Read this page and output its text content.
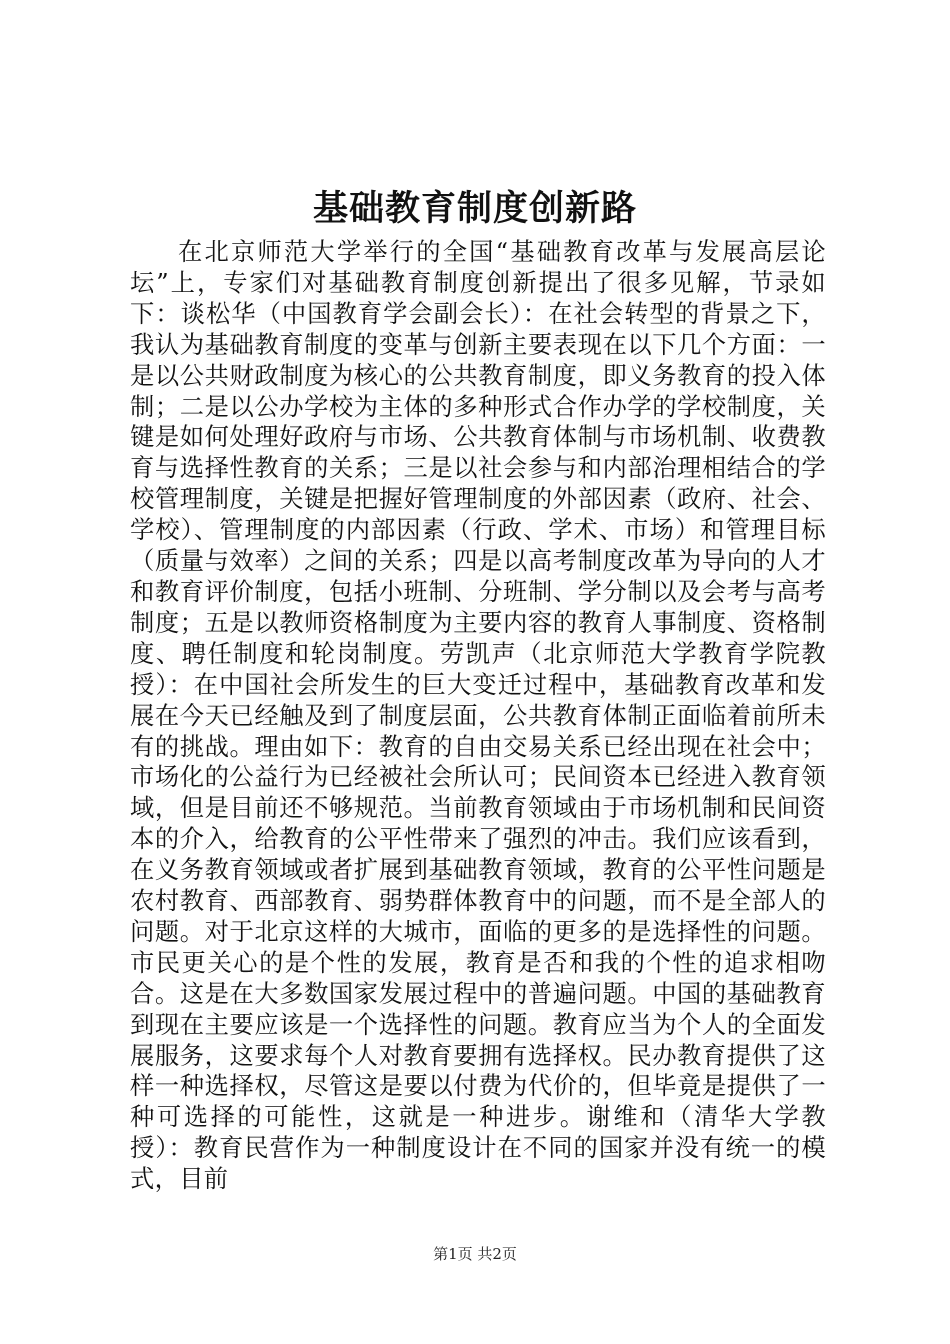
基础教育制度创新路

在北京师范大学举行的全国“基础教育改革与发展高层论坛”上，专家们对基础教育制度创新提出了很多见解，节录如下：谈松华（中国教育学会副会长）：在社会转型的背景之下，我认为基础教育制度的变革与创新主要表现在以下几个方面：一是以公共财政制度为核心的公共教育制度，即义务教育的投入体制；二是以公办学校为主体的多种形式合作办学的学校制度，关键是如何处理好政府与市场、公共教育体制与市场机制、收费教育与选择性教育的关系；三是以社会参与和内部治理相结合的学校管理制度，关键是把握好管理制度的外部因素（政府、社会、学校）、管理制度的内部因素（行政、学术、市场）和管理目标（质量与效率）之间的关系；四是以高考制度改革为导向的人才和教育评价制度，包括小班制、分班制、学分制以及会考与高考制度；五是以教师资格制度为主要内容的教育人事制度、资格制度、聘任制度和轮岗制度。劳凯声（北京师范大学教育学院教授）：在中国社会所发生的巨大变迁过程中，基础教育改革和发展在今天已经触及到了制度层面，公共教育体制正面临着前所未有的挑战。理由如下：教育的自由交易关系已经出现在社会中；市场化的公益行为已经被社会所认可；民间资本已经进入教育领域，但是目前还不够规范。当前教育领域由于市场机制和民间资本的介入，给教育的公平性带来了强烈的冲击。我们应该看到，在义务教育领域或者扩展到基础教育领域，教育的公平性问题是农村教育、西部教育、弱势群体教育中的问题，而不是全部人的问题。对于北京这样的大城市，面临的更多的是选择性的问题。市民更关心的是个性的发展，教育是否和我的个性的追求相吻合。这是在大多数国家发展过程中的普遍问题。中国的基础教育到现在主要应该是一个选择性的问题。教育应当为个人的全面发展服务，这要求每个人对教育要拥有选择权。民办教育提供了这样一种选择权，尽管这是要以付费为代价的，但毕竟是提供了一种可选择的可能性，这就是一种进步。谢维和（清华大学教授）：教育民营作为一种制度设计在不同的国家并没有统一的模式，目前

第1页 共2页
